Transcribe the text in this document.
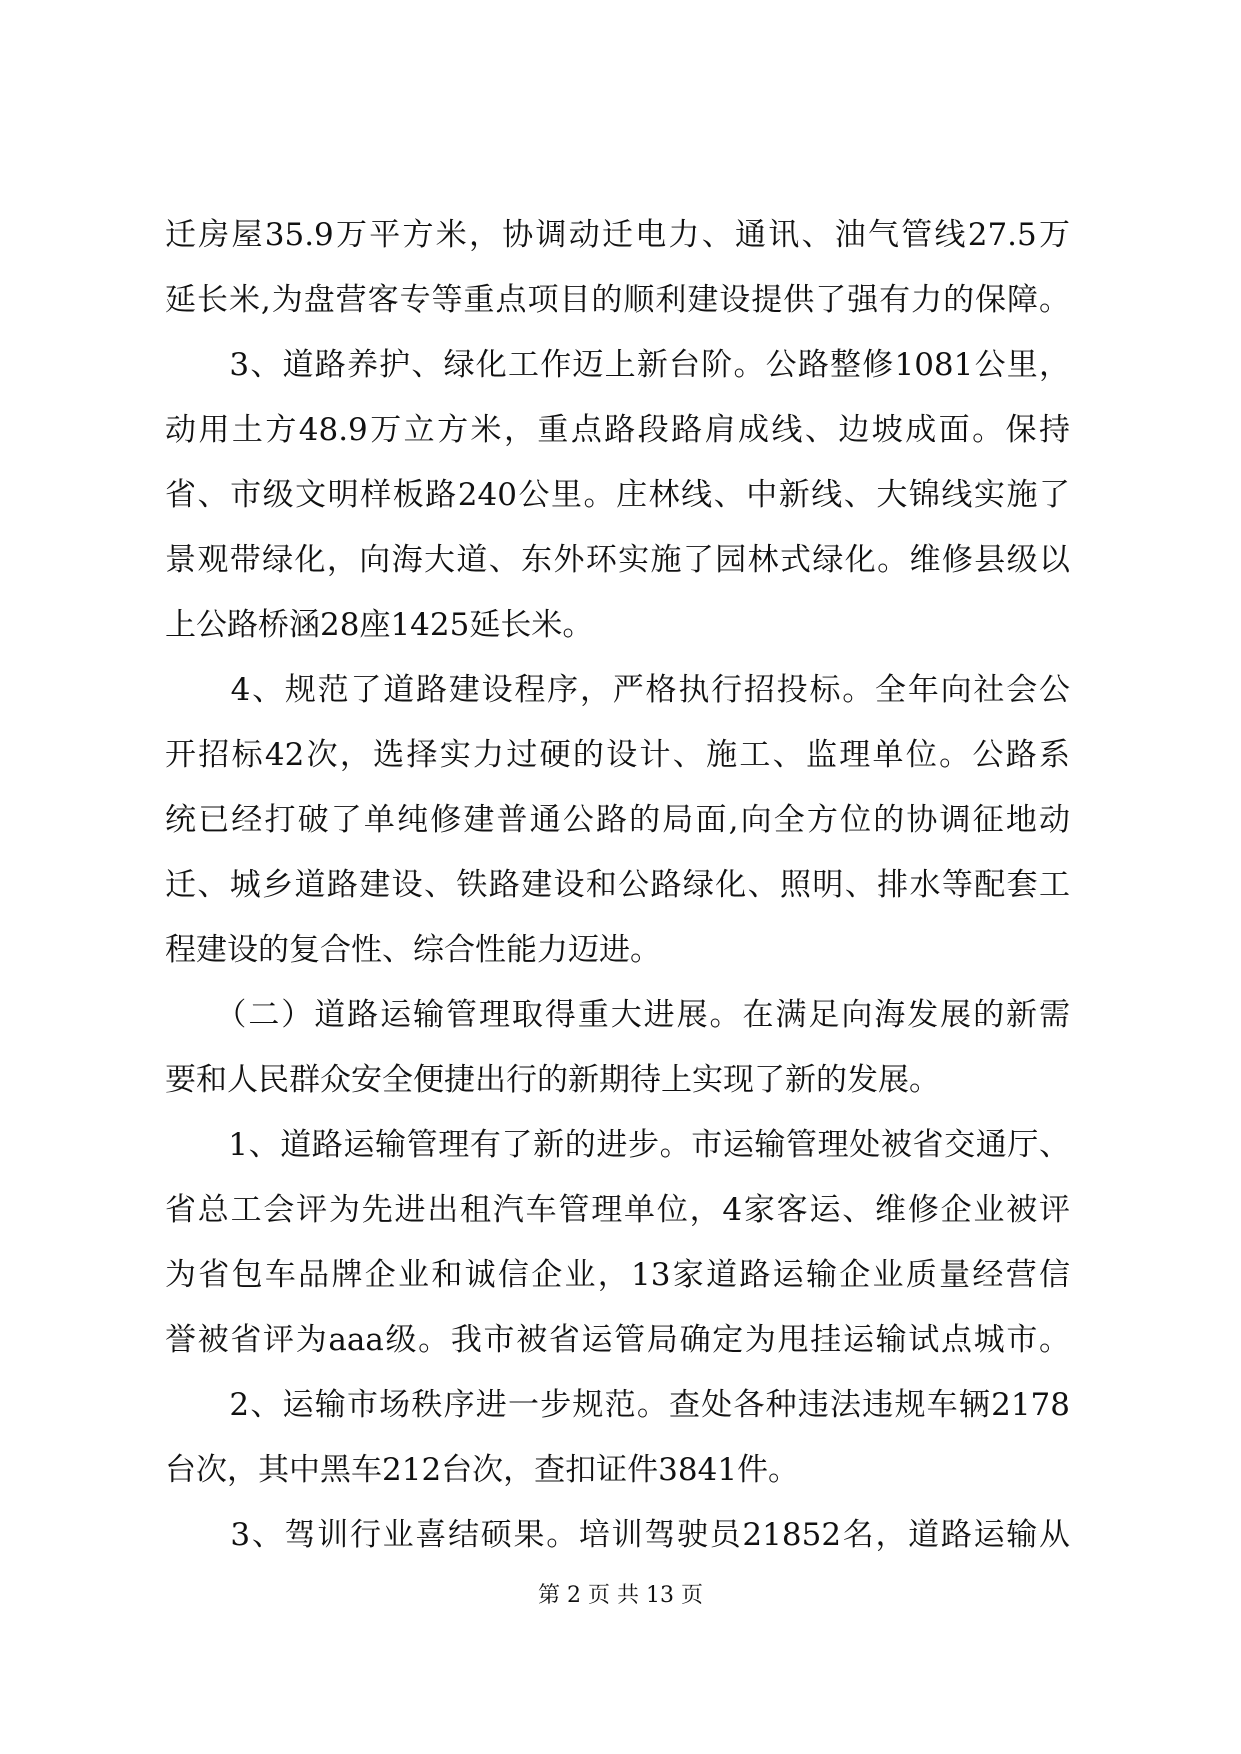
迁房屋35.9万平方米，协调动迁电力、通讯、油气管线27.5万
延长米,为盘营客专等重点项目的顺利建设提供了强有力的保障。
　　3、道路养护、绿化工作迈上新台阶。公路整修1081公里，
动用土方48.9万立方米，重点路段路肩成线、边坡成面。保持
省、市级文明样板路240公里。庄林线、中新线、大锦线实施了
景观带绿化，向海大道、东外环实施了园林式绿化。维修县级以
上公路桥涵28座1425延长米。
　　4、规范了道路建设程序，严格执行招投标。全年向社会公
开招标42次，选择实力过硬的设计、施工、监理单位。公路系
统已经打破了单纯修建普通公路的局面,向全方位的协调征地动
迁、城乡道路建设、铁路建设和公路绿化、照明、排水等配套工
程建设的复合性、综合性能力迈进。
　　（二）道路运输管理取得重大进展。在满足向海发展的新需
要和人民群众安全便捷出行的新期待上实现了新的发展。
　　1、道路运输管理有了新的进步。市运输管理处被省交通厅、
省总工会评为先进出租汽车管理单位，4家客运、维修企业被评
为省包车品牌企业和诚信企业，13家道路运输企业质量经营信
誉被省评为aaa级。我市被省运管局确定为甩挂运输试点城市。
　　2、运输市场秩序进一步规范。查处各种违法违规车辆2178
台次，其中黑车212台次，查扣证件3841件。
　　3、驾训行业喜结硕果。培训驾驶员21852名，道路运输从
第 2 页 共 13 页
